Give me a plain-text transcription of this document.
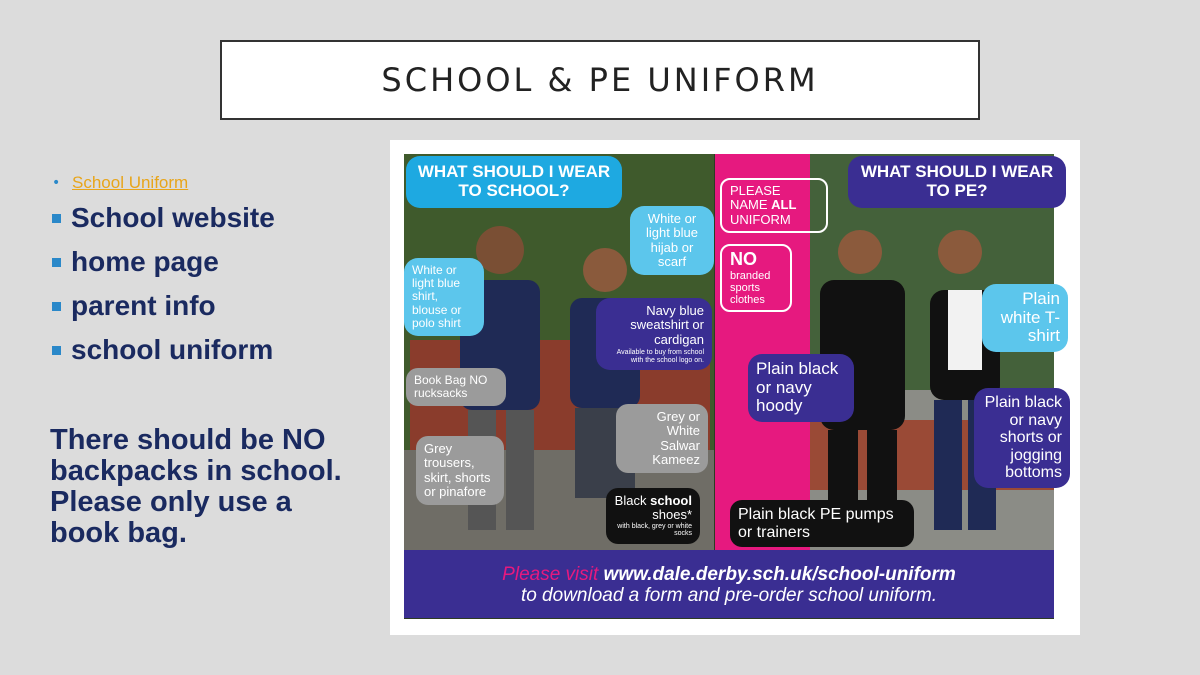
SCHOOL & PE UNIFORM
• School Uniform
School website
home page
parent info
school uniform

There should be NO backpacks in school. Please only use a book bag.

WHAT SHOULD I WEAR TO SCHOOL?
WHAT SHOULD I WEAR TO PE?
PLEASE NAME ALL UNIFORM
NO
branded sports clothes
White or light blue hijab or scarf
White or light blue shirt, blouse or polo shirt
Navy blue sweatshirt or cardigan
Available to buy from school with the school logo on.
Book Bag NO rucksacks
Grey or White Salwar Kameez
Grey trousers, skirt, shorts or pinafore
Black school shoes*
with black, grey or white socks
Plain black or navy hoody
Plain white T-shirt
Plain black or navy shorts or jogging bottoms
Plain black PE pumps or trainers
Please visit www.dale.derby.sch.uk/school-uniform
to download a form and pre-order school uniform.
